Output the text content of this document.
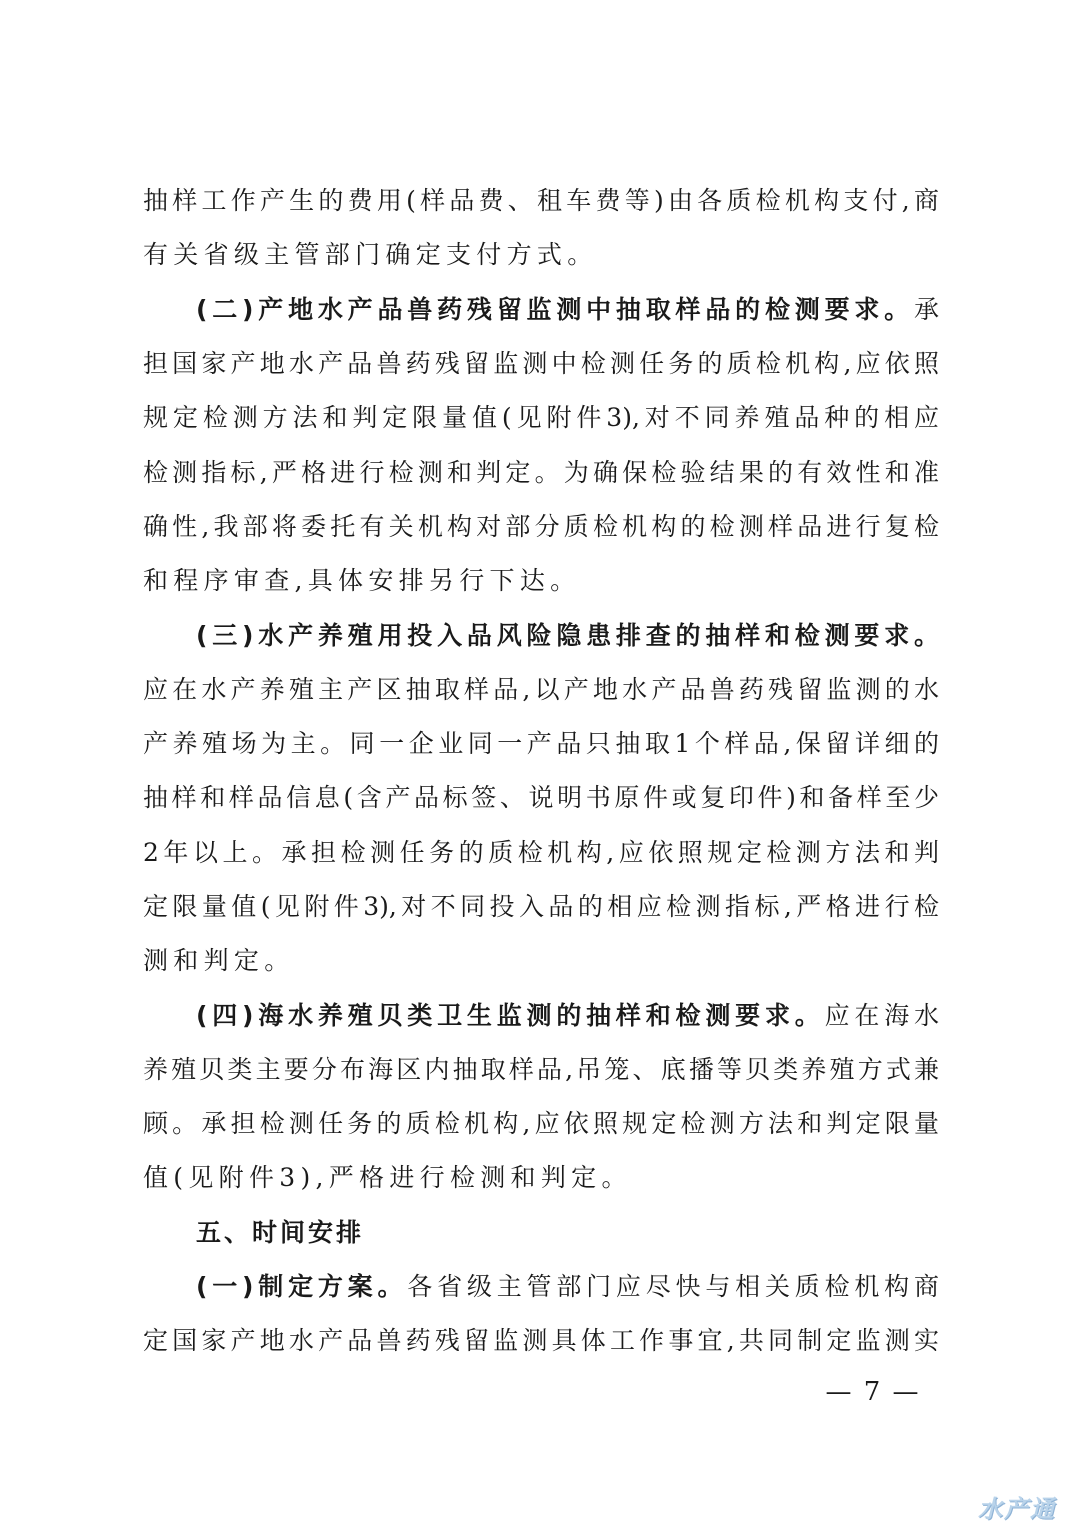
抽样工作产生的费用(样品费、租车费等)由各质检机构支付,商
有关省级主管部门确定支付方式。
(二)产地水产品兽药残留监测中抽取样品的检测要求。承
担国家产地水产品兽药残留监测中检测任务的质检机构,应依照
规定检测方法和判定限量值(见附件3),对不同养殖品种的相应
检测指标,严格进行检测和判定。为确保检验结果的有效性和准
确性,我部将委托有关机构对部分质检机构的检测样品进行复检
和程序审查,具体安排另行下达。
(三)水产养殖用投入品风险隐患排查的抽样和检测要求。
应在水产养殖主产区抽取样品,以产地水产品兽药残留监测的水
产养殖场为主。同一企业同一产品只抽取1个样品,保留详细的
抽样和样品信息(含产品标签、说明书原件或复印件)和备样至少
2年以上。承担检测任务的质检机构,应依照规定检测方法和判
定限量值(见附件3),对不同投入品的相应检测指标,严格进行检
测和判定。
(四)海水养殖贝类卫生监测的抽样和检测要求。应在海水
养殖贝类主要分布海区内抽取样品,吊笼、底播等贝类养殖方式兼
顾。承担检测任务的质检机构,应依照规定检测方法和判定限量
值(见附件3),严格进行检测和判定。
五、时间安排
(一)制定方案。各省级主管部门应尽快与相关质检机构商
定国家产地水产品兽药残留监测具体工作事宜,共同制定监测实
— 7 —
水产通
